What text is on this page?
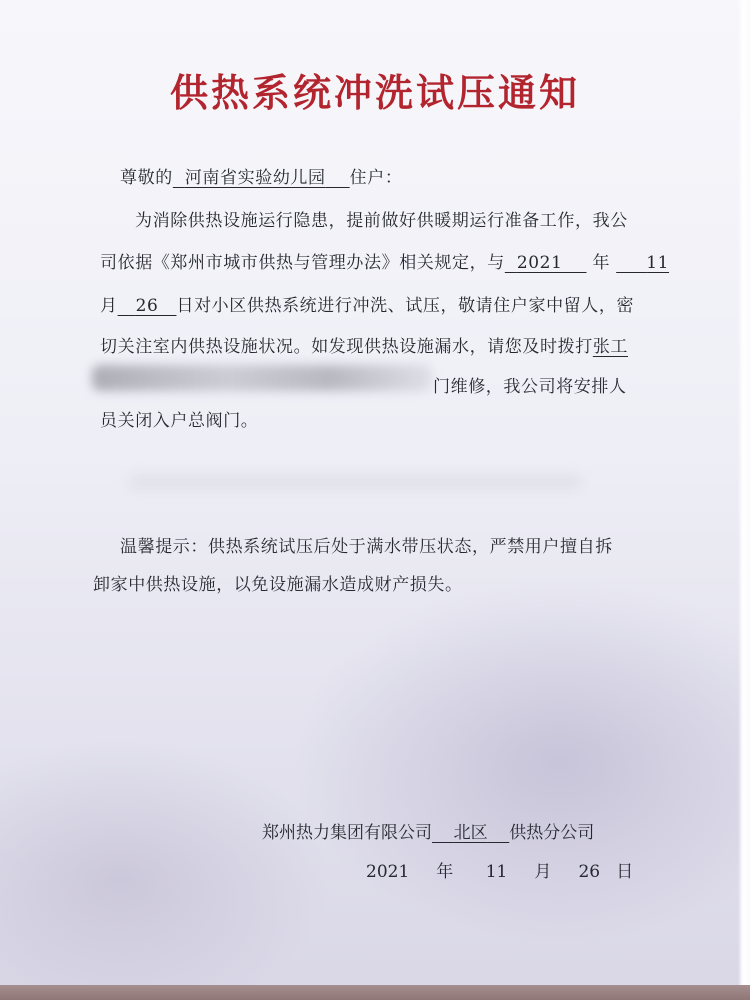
供热系统冲洗试压通知
尊敬的 河南省实验幼儿园 住户：
为消除供热设施运行隐患，提前做好供暖期运行准备工作，我公
司依据《郑州市城市供热与管理办法》相关规定，与 2021 年 11
月 26 日对小区供热系统进行冲洗、试压，敬请住户家中留人，密
切关注室内供热设施状况。如发现供热设施漏水，请您及时拨打张工
门维修，我公司将安排人
员关闭入户总阀门。
温馨提示：供热系统试压后处于满水带压状态，严禁用户擅自拆
卸家中供热设施，以免设施漏水造成财产损失。
郑州热力集团有限公司 北区 供热分公司
2021 年 11 月 26 日
